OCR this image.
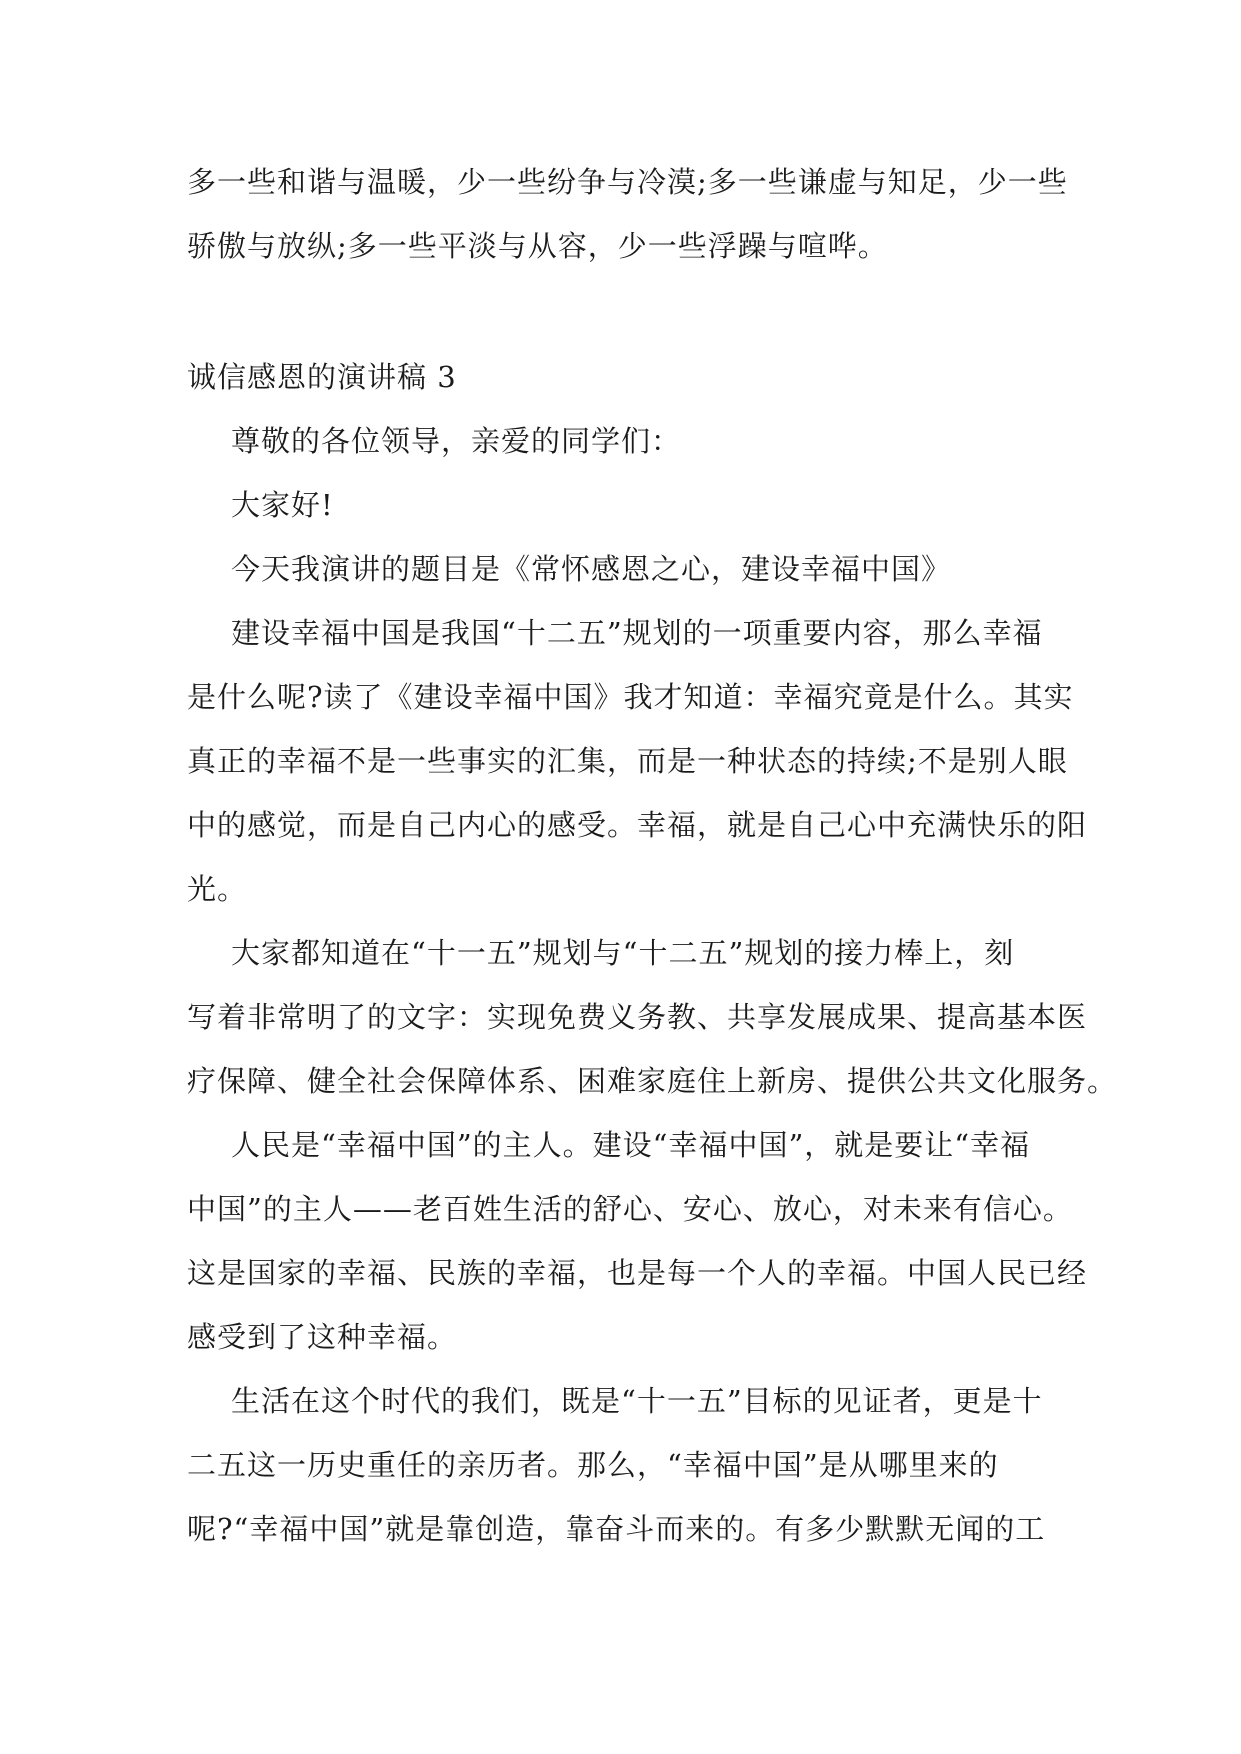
多一些和谐与温暖，少一些纷争与冷漠;多一些谦虚与知足，少一些

骄傲与放纵;多一些平淡与从容，少一些浮躁与喧哗。

诚信感恩的演讲稿 3

尊敬的各位领导，亲爱的同学们：

大家好!

今天我演讲的题目是《常怀感恩之心，建设幸福中国》

建设幸福中国是我国“十二五”规划的一项重要内容，那么幸福

是什么呢?读了《建设幸福中国》我才知道：幸福究竟是什么。其实

真正的幸福不是一些事实的汇集，而是一种状态的持续;不是别人眼

中的感觉，而是自己内心的感受。幸福，就是自己心中充满快乐的阳

光。

大家都知道在“十一五”规划与“十二五”规划的接力棒上，刻

写着非常明了的文字：实现免费义务教、共享发展成果、提高基本医

疗保障、健全社会保障体系、困难家庭住上新房、提供公共文化服务。

人民是“幸福中国”的主人。建设“幸福中国”，就是要让“幸福

中国”的主人——老百姓生活的舒心、安心、放心，对未来有信心。

这是国家的幸福、民族的幸福，也是每一个人的幸福。中国人民已经

感受到了这种幸福。

生活在这个时代的我们，既是“十一五”目标的见证者，更是十

二五这一历史重任的亲历者。那么，“幸福中国”是从哪里来的

呢?“幸福中国”就是靠创造，靠奋斗而来的。有多少默默无闻的工
